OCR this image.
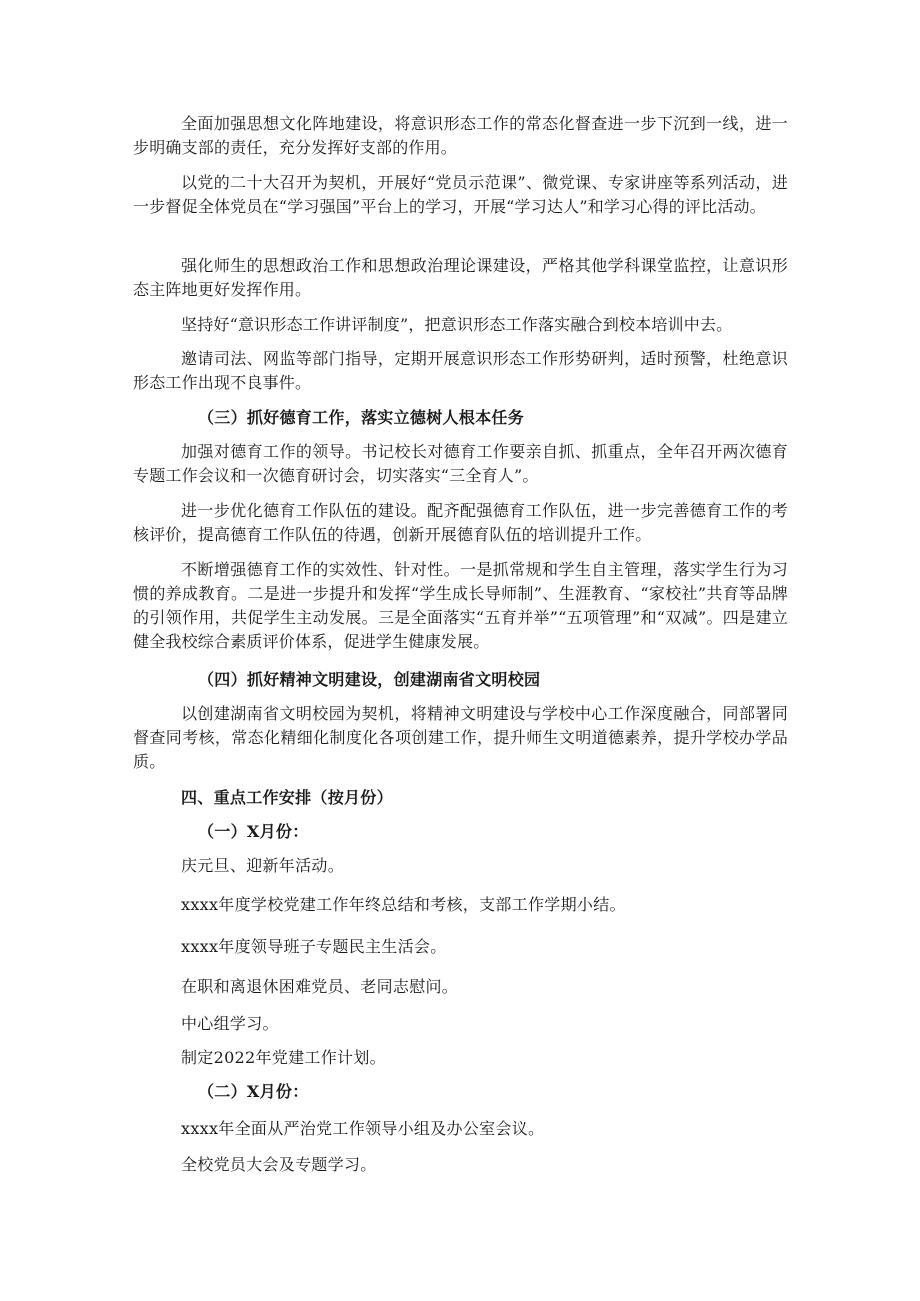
全面加强思想文化阵地建设，将意识形态工作的常态化督查进一步下沉到一线，进一步明确支部的责任，充分发挥好支部的作用。

以党的二十大召开为契机，开展好“党员示范课”、微党课、专家讲座等系列活动，进一步督促全体党员在“学习强国”平台上的学习，开展“学习达人”和学习心得的评比活动。

强化师生的思想政治工作和思想政治理论课建设，严格其他学科课堂监控，让意识形态主阵地更好发挥作用。

坚持好“意识形态工作讲评制度”，把意识形态工作落实融合到校本培训中去。

邀请司法、网监等部门指导，定期开展意识形态工作形势研判，适时预警，杜绝意识形态工作出现不良事件。

（三）抓好德育工作，落实立德树人根本任务

加强对德育工作的领导。书记校长对德育工作要亲自抓、抓重点，全年召开两次德育专题工作会议和一次德育研讨会，切实落实“三全育人”。

进一步优化德育工作队伍的建设。配齐配强德育工作队伍，进一步完善德育工作的考核评价，提高德育工作队伍的待遇，创新开展德育队伍的培训提升工作。

不断增强德育工作的实效性、针对性。一是抓常规和学生自主管理，落实学生行为习惯的养成教育。二是进一步提升和发挥“学生成长导师制”、生涯教育、“家校社”共育等品牌的引领作用，共促学生主动发展。三是全面落实“五育并举”“五项管理”和“双减”。四是建立健全我校综合素质评价体系，促进学生健康发展。

（四）抓好精神文明建设，创建湖南省文明校园

以创建湖南省文明校园为契机，将精神文明建设与学校中心工作深度融合，同部署同督查同考核，常态化精细化制度化各项创建工作，提升师生文明道德素养，提升学校办学品质。

四、重点工作安排（按月份）

（一）X月份：

庆元旦、迎新年活动。

xxxx年度学校党建工作年终总结和考核，支部工作学期小结。

xxxx年度领导班子专题民主生活会。

在职和离退休困难党员、老同志慰问。

中心组学习。

制定2022年党建工作计划。

（二）X月份：

xxxx年全面从严治党工作领导小组及办公室会议。

全校党员大会及专题学习。
